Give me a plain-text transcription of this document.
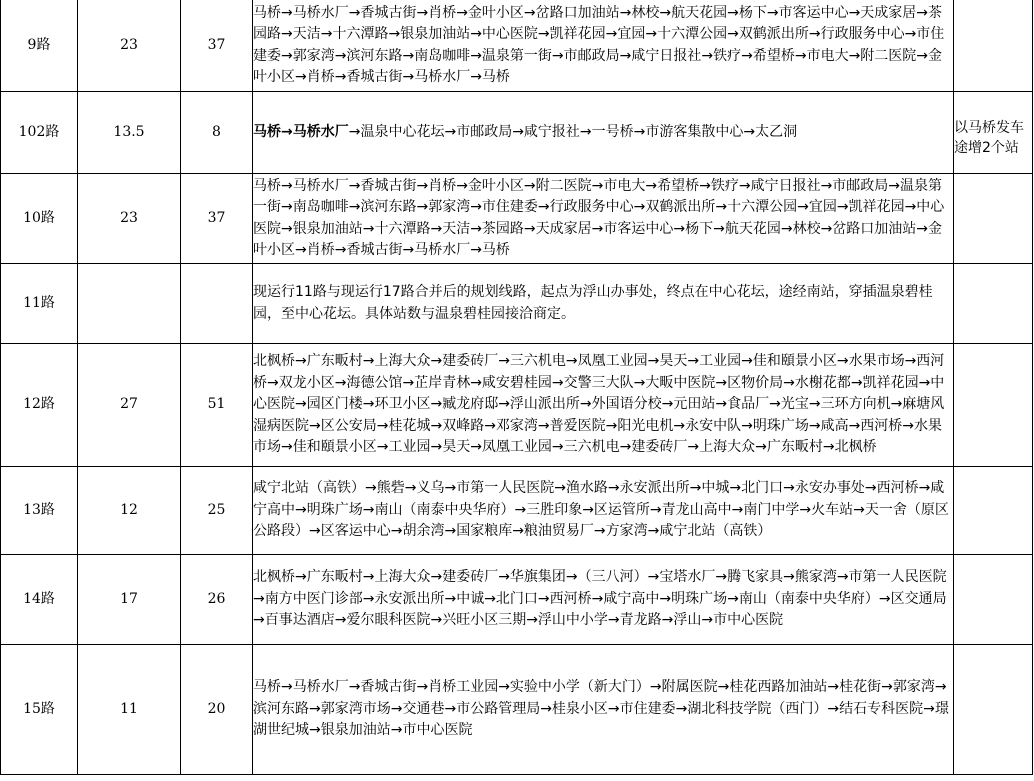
9路	23	37	马桥→马桥水厂→香城古街→肖桥→金叶小区→岔路口加油站→林校→航天花园→杨下→市客运中心→天成家居→茶园路→天洁→十六潭路→银泉加油站→中心医院→凯祥花园→宜园→十六潭公园→双鹤派出所→行政服务中心→市住建委→郭家湾→滨河东路→南岛咖啡→温泉第一街→市邮政局→咸宁日报社→铁疗→希望桥→市电大→附二医院→金叶小区→肖桥→香城古街→马桥水厂→马桥	

102路	13.5	8	马桥→马桥水厂→温泉中心花坛→市邮政局→咸宁报社→一号桥→市游客集散中心→太乙洞	以马桥发车途增2个站

10路	23	37	马桥→马桥水厂→香城古街→肖桥→金叶小区→附二医院→市电大→希望桥→铁疗→咸宁日报社→市邮政局→温泉第一街→南岛咖啡→滨河东路→郭家湾→市住建委→行政服务中心→双鹤派出所→十六潭公园→宜园→凯祥花园→中心医院→银泉加油站→十六潭路→天洁→茶园路→天成家居→市客运中心→杨下→航天花园→林校→岔路口加油站→金叶小区→肖桥→香城古街→马桥水厂→马桥	

11路			现运行11路与现运行17路合并后的规划线路，起点为浮山办事处，终点在中心花坛，途经南站，穿插温泉碧桂园，至中心花坛。具体站数与温泉碧桂园接洽商定。	

12路	27	51	北枫桥→广东畈村→上海大众→建委砖厂→三六机电→凤凰工业园→昊天→工业园→佳和頤景小区→水果市场→西河桥→双龙小区→海德公馆→芷岸青林→咸安碧桂园→交警三大队→大畈中医院→区物价局→水榭花都→凯祥花园→中心医院→园区门楼→环卫小区→臧龙府邸→浮山派出所→外国语分校→元田站→食品厂→光宝→三环方向机→麻塘风湿病医院→区公安局→桂花城→双峰路→邓家湾→普爱医院→阳光电机→永安中队→明珠广场→咸高→西河桥→水果市场→佳和頤景小区→工业园→昊天→凤凰工业园→三六机电→建委砖厂→上海大众→广东畈村→北枫桥	

13路	12	25	咸宁北站（高铁）→熊砦→义乌→市第一人民医院→渔水路→永安派出所→中城→北门口→永安办事处→西河桥→咸宁高中→明珠广场→南山（南泰中央华府）→三胜印象→区运管所→青龙山高中→南门中学→火车站→天一舍（原区公路段）→区客运中心→胡余湾→国家粮库→粮油贸易厂→方家湾→咸宁北站（高铁）	

14路	17	26	北枫桥→广东畈村→上海大众→建委砖厂→华旗集团→（三八河）→宝塔水厂→腾飞家具→熊家湾→市第一人民医院→南方中医门诊部→永安派出所→中诚→北门口→西河桥→咸宁高中→明珠广场→南山（南泰中央华府）→区交通局→百事达酒店→爱尔眼科医院→兴旺小区三期→浮山中小学→青龙路→浮山→市中心医院	

15路	11	20	马桥→马桥水厂→香城古街→肖桥工业园→实验中小学（新大门）→附属医院→桂花西路加油站→桂花街→郭家湾→滨河东路→郭家湾市场→交通巷→市公路管理局→桂泉小区→市住建委→湖北科技学院（西门）→结石专科医院→璟湖世纪城→银泉加油站→市中心医院	
